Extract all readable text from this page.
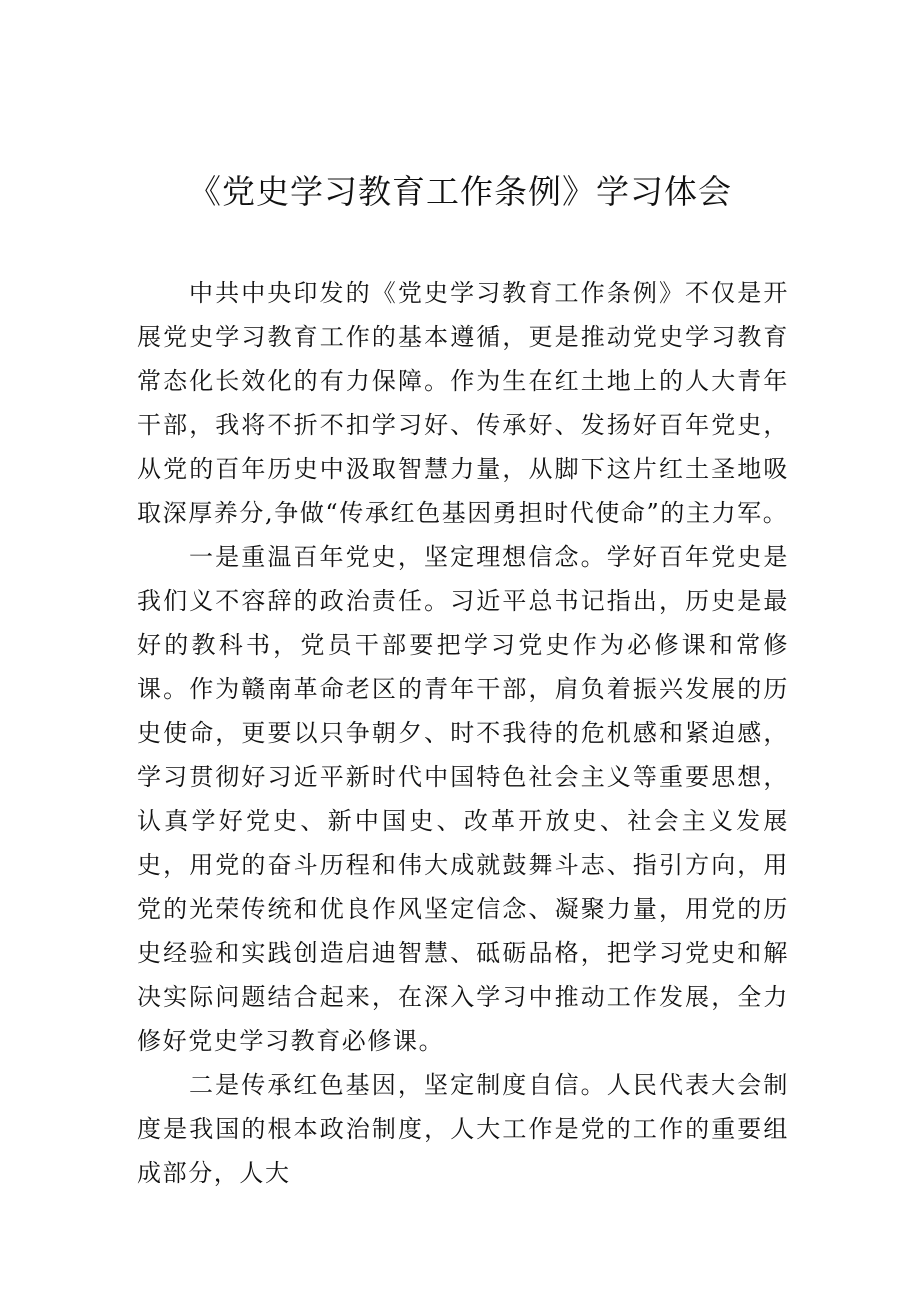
《党史学习教育工作条例》学习体会

中共中央印发的《党史学习教育工作条例》不仅是开展党史学习教育工作的基本遵循，更是推动党史学习教育常态化长效化的有力保障。作为生在红土地上的人大青年干部，我将不折不扣学习好、传承好、发扬好百年党史，从党的百年历史中汲取智慧力量，从脚下这片红土圣地吸取深厚养分,争做“传承红色基因勇担时代使命”的主力军。

一是重温百年党史，坚定理想信念。学好百年党史是我们义不容辞的政治责任。习近平总书记指出，历史是最好的教科书，党员干部要把学习党史作为必修课和常修课。作为赣南革命老区的青年干部，肩负着振兴发展的历史使命，更要以只争朝夕、时不我待的危机感和紧迫感，学习贯彻好习近平新时代中国特色社会主义等重要思想，认真学好党史、新中国史、改革开放史、社会主义发展史，用党的奋斗历程和伟大成就鼓舞斗志、指引方向，用党的光荣传统和优良作风坚定信念、凝聚力量，用党的历史经验和实践创造启迪智慧、砥砺品格，把学习党史和解决实际问题结合起来，在深入学习中推动工作发展，全力修好党史学习教育必修课。

二是传承红色基因，坚定制度自信。人民代表大会制度是我国的根本政治制度，人大工作是党的工作的重要组成部分，人大
